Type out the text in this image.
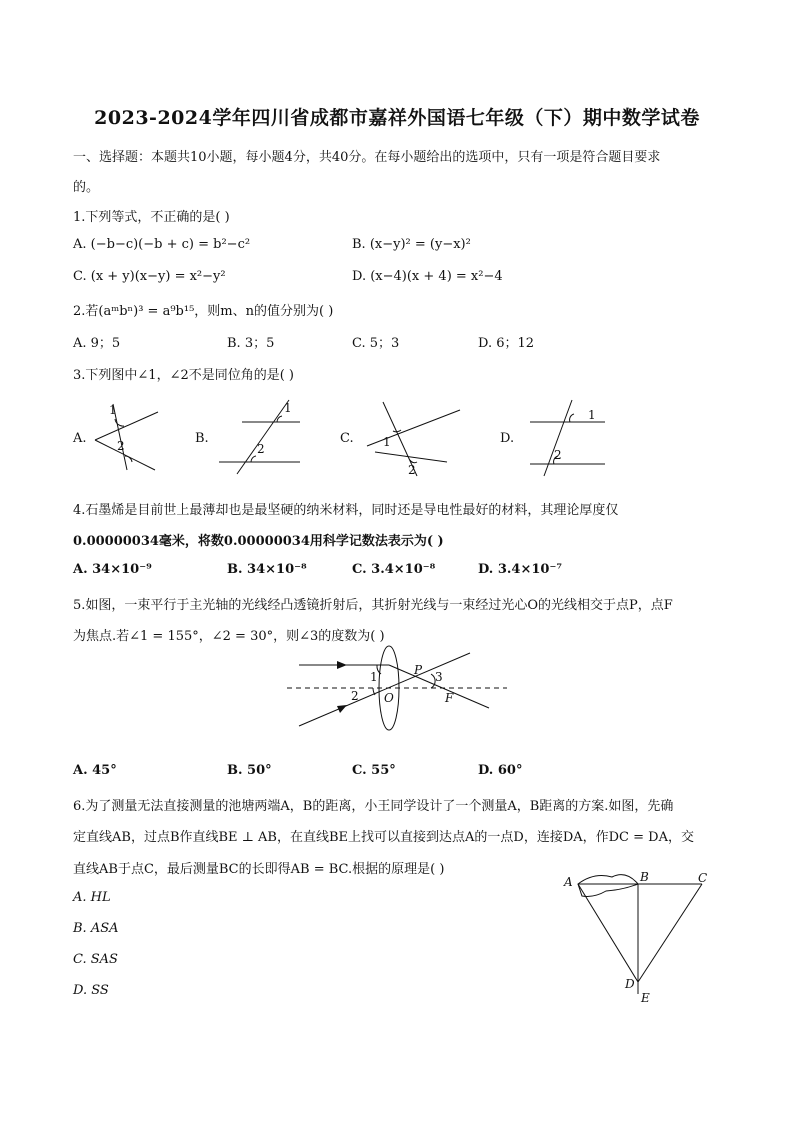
2023-2024学年四川省成都市嘉祥外国语七年级（下）期中数学试卷
一、选择题：本题共10小题，每小题4分，共40分。在每小题给出的选项中，只有一项是符合题目要求
的。
1.下列等式，不正确的是( )
A. (−b−c)(−b + c) = b²−c²	B. (x−y)² = (y−x)²
C. (x + y)(x−y) = x²−y²	D. (x−4)(x + 4) = x²−4
2.若(aᵐbⁿ)³ = a⁹b¹⁵，则m、n的值分别为( )
A. 9；5	B. 3；5	C. 5；3	D. 6；12
3.下列图中∠1，∠2不是同位角的是( )
A.	B.	C.	D.
1
2
1
2	1
2
1
2
4.石墨烯是目前世上最薄却也是最坚硬的纳米材料，同时还是导电性最好的材料，其理论厚度仅
0.00000034毫米，将数0.00000034用科学记数法表示为( )
A. 34×10⁻⁹	B. 34×10⁻⁸	C. 3.4×10⁻⁸	D. 3.4×10⁻⁷
5.如图，一束平行于主光轴的光线经凸透镜折射后，其折射光线与一束经过光心O的光线相交于点P，点F
为焦点.若∠1 = 155°，∠2 = 30°，则∠3的度数为( )
1
2
3
O
P
F
A. 45°	B. 50°	C. 55°	D. 60°
6.为了测量无法直接测量的池塘两端A，B的距离，小王同学设计了一个测量A，B距离的方案.如图，先确
定直线AB，过点B作直线BE ⊥ AB，在直线BE上找可以直接到达点A的一点D，连接DA，作DC = DA，交
直线AB于点C，最后测量BC的长即得AB = BC.根据的原理是( )
A. HL
B. ASA
C. SAS
D. SS
A	B	C
D
E
